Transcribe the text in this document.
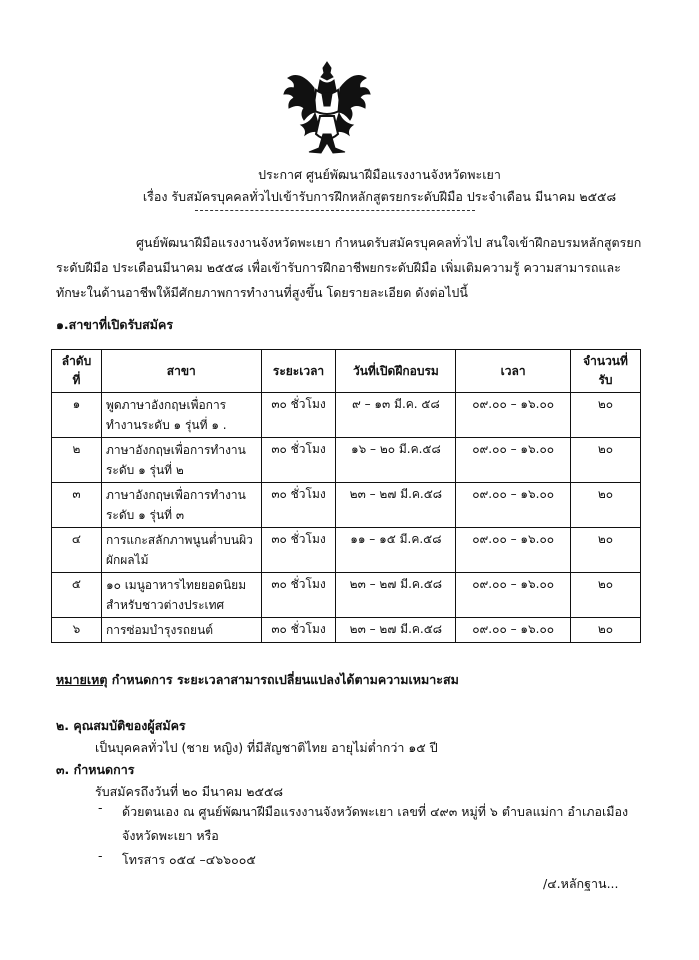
ประกาศ ศูนย์พัฒนาฝีมือแรงงานจังหวัดพะเยา
เรื่อง รับสมัครบุคคลทั่วไปเข้ารับการฝึกหลักสูตรยกระดับฝีมือ ประจำเดือน มีนาคม ๒๕๕๘
ศูนย์พัฒนาฝีมือแรงงานจังหวัดพะเยา กำหนดรับสมัครบุคคลทั่วไป สนใจเข้าฝึกอบรมหลักสูตรยกระดับฝีมือ ประเดือนมีนาคม ๒๕๕๘ เพื่อเข้ารับการฝึกอาชีพยกระดับฝีมือ เพิ่มเติมความรู้ ความสามารถและทักษะในด้านอาชีพให้มีศักยภาพการทำงานที่สูงขึ้น โดยรายละเอียด ดังต่อไปนี้
๑.สาขาที่เปิดรับสมัคร
ลำดับ ที่	สาขา	ระยะเวลา	วันที่เปิดฝึกอบรม	เวลา	จำนวนที่ รับ
๑	พูดภาษาอังกฤษเพื่อการทำงานระดับ ๑ รุ่นที่ ๑ .	๓๐ ชั่วโมง	๙ – ๑๓ มี.ค. ๕๘	๐๙.๐๐ – ๑๖.๐๐	๒๐
๒	ภาษาอังกฤษเพื่อการทำงานระดับ ๑ รุ่นที่ ๒	๓๐ ชั่วโมง	๑๖ – ๒๐ มี.ค.๕๘	๐๙.๐๐ – ๑๖.๐๐	๒๐
๓	ภาษาอังกฤษเพื่อการทำงานระดับ ๑ รุ่นที่ ๓	๓๐ ชั่วโมง	๒๓ – ๒๗ มี.ค.๕๘	๐๙.๐๐ – ๑๖.๐๐	๒๐
๔	การแกะสลักภาพนูนต่ำบนผิวผักผลไม้	๓๐ ชั่วโมง	๑๑ – ๑๕ มี.ค.๕๘	๐๙.๐๐ – ๑๖.๐๐	๒๐
๕	๑๐ เมนูอาหารไทยยอดนิยมสำหรับชาวต่างประเทศ	๓๐ ชั่วโมง	๒๓ – ๒๗ มี.ค.๕๘	๐๙.๐๐ – ๑๖.๐๐	๒๐
๖	การซ่อมบำรุงรถยนต์	๓๐ ชั่วโมง	๒๓ – ๒๗ มี.ค.๕๘	๐๙.๐๐ – ๑๖.๐๐	๒๐
หมายเหตุ กำหนดการ ระยะเวลาสามารถเปลี่ยนแปลงได้ตามความเหมาะสม
๒. คุณสมบัติของผู้สมัคร
เป็นบุคคลทั่วไป (ชาย หญิง) ที่มีสัญชาติไทย อายุไม่ต่ำกว่า ๑๕ ปี
๓. กำหนดการ
รับสมัครถึงวันที่ ๒๐ มีนาคม ๒๕๕๘
- ด้วยตนเอง ณ ศูนย์พัฒนาฝีมือแรงงานจังหวัดพะเยา เลขที่ ๔๙๓ หมู่ที่ ๖ ตำบลแม่กา อำเภอเมือง จังหวัดพะเยา หรือ
- โทรสาร ๐๕๔ –๔๖๖๐๐๕
/๔.หลักฐาน...
